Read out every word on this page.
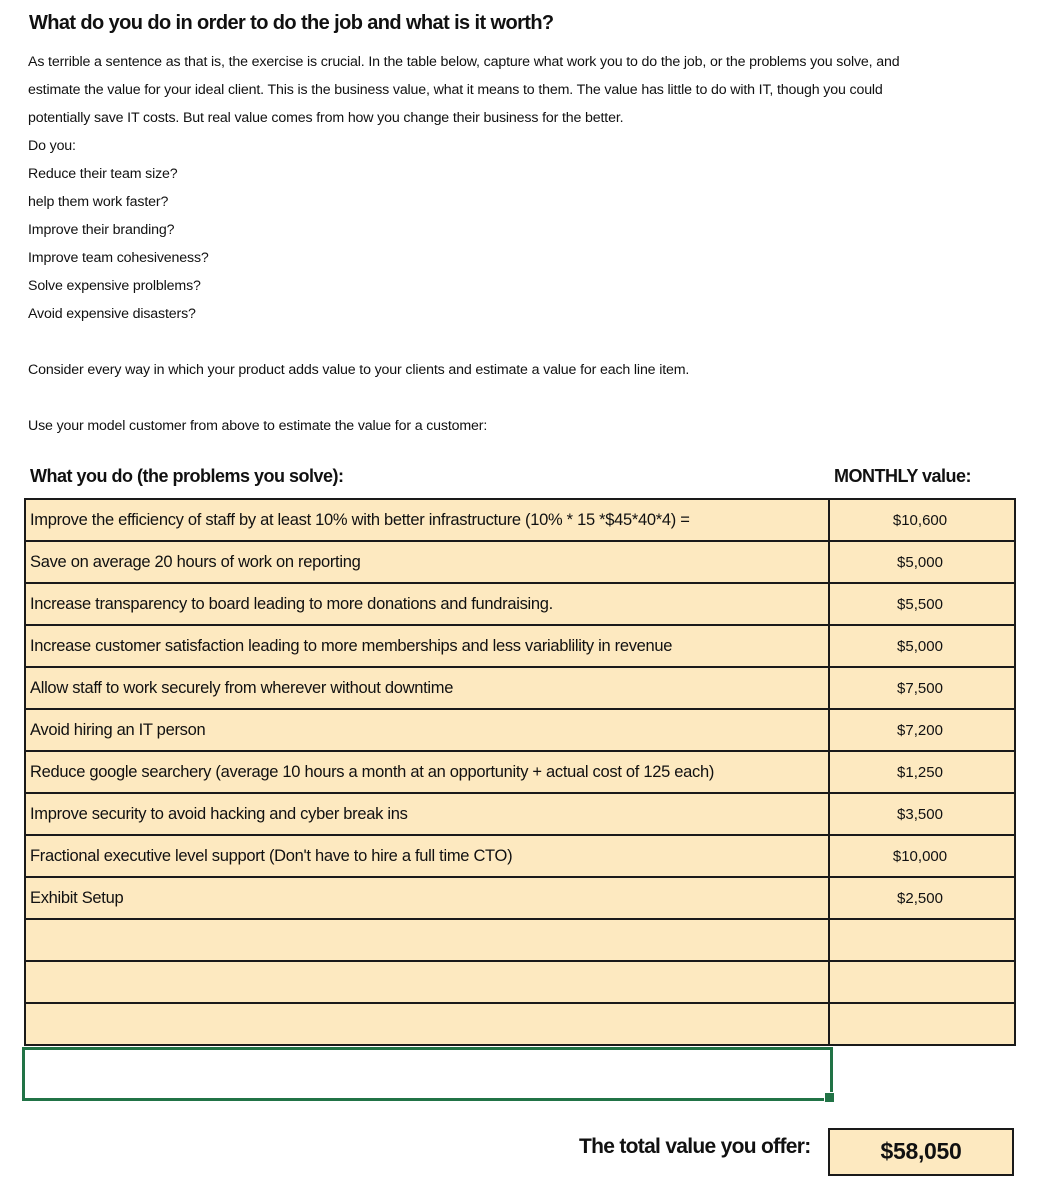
What do you do in order to do the job and what is it worth?
As terrible a sentence as that is, the exercise is crucial. In the table below, capture what work you to do the job, or the problems you solve, and
estimate the value for your ideal client. This is the business value, what it means to them. The value has little to do with IT, though you could
potentially save IT costs. But real value comes from how you change their business for the better.
Do you:
Reduce their team size?
help them work faster?
Improve their branding?
Improve team cohesiveness?
Solve expensive prolblems?
Avoid expensive disasters?
Consider every way in which your product adds value to your clients and estimate a value for each line item.
Use your model customer from above to estimate the value for a customer:
What you do (the problems you solve):	MONTHLY value:
Improve the efficiency of staff by at least 10% with better infrastructure (10% * 15 *$45*40*4) =	$10,600
Save on average 20 hours of work on reporting	$5,000
Increase transparency to board leading to more donations and fundraising.	$5,500
Increase customer satisfaction leading to more memberships and less variablility in revenue	$5,000
Allow staff to work securely from wherever without downtime	$7,500
Avoid hiring an IT person	$7,200
Reduce google searchery (average 10 hours a month at an opportunity + actual cost of 125 each)	$1,250
Improve security to avoid hacking and cyber break ins	$3,500
Fractional executive level support (Don't have to hire a full time CTO)	$10,000
Exhibit Setup	$2,500

The total value you offer:	$58,050
